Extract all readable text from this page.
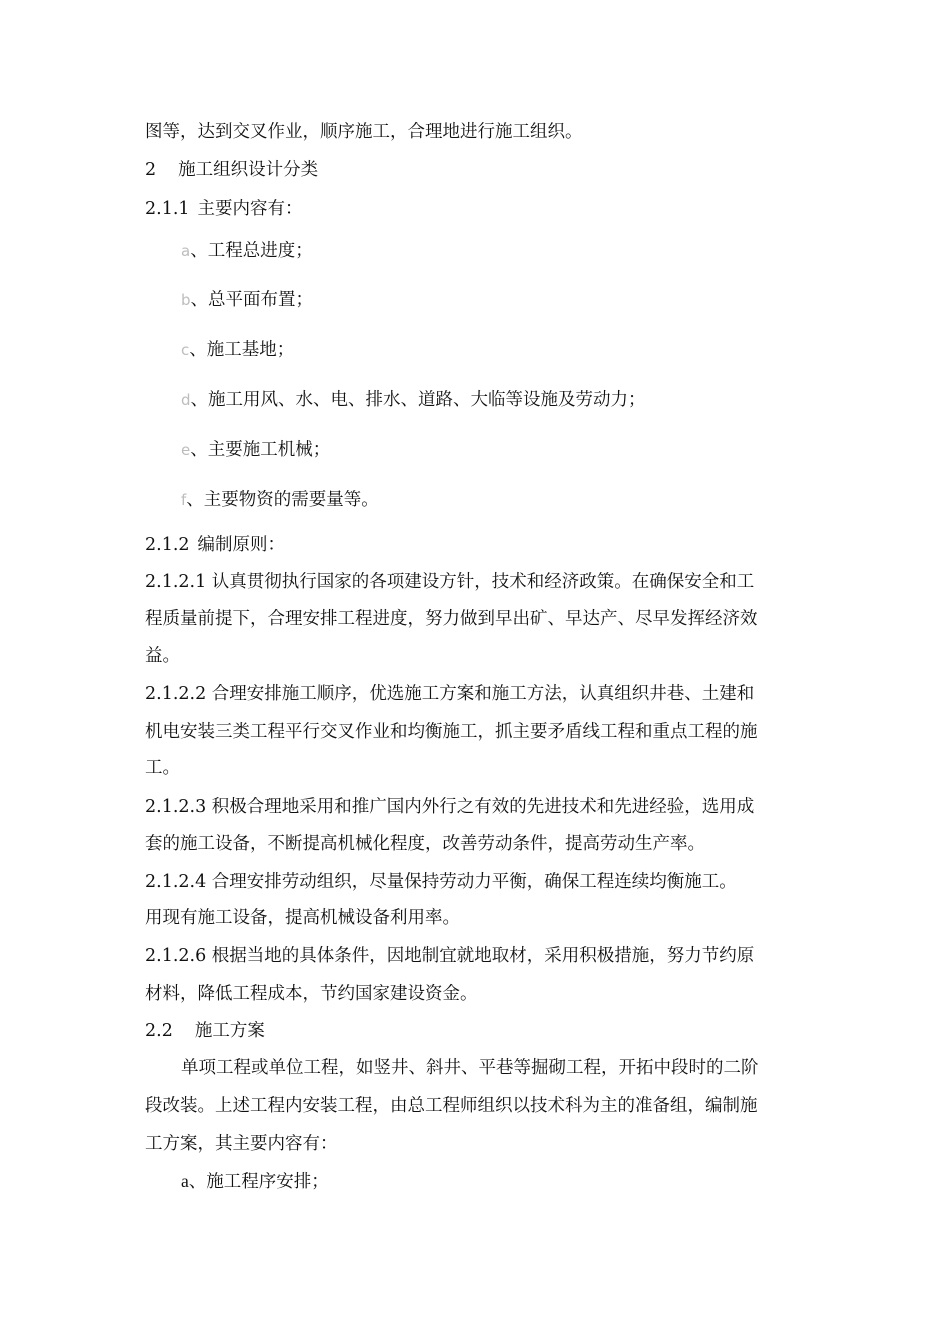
图等，达到交叉作业，顺序施工，合理地进行施工组织。

2 施工组织设计分类

2.1.1 主要内容有：

a、工程总进度；

b、总平面布置；

c、施工基地；

d、施工用风、水、电、排水、道路、大临等设施及劳动力；

e、主要施工机械；

f、主要物资的需要量等。

2.1.2 编制原则：

2.1.2.1 认真贯彻执行国家的各项建设方针，技术和经济政策。在确保安全和工

程质量前提下，合理安排工程进度，努力做到早出矿、早达产、尽早发挥经济效

益。

2.1.2.2 合理安排施工顺序，优选施工方案和施工方法，认真组织井巷、土建和

机电安装三类工程平行交叉作业和均衡施工，抓主要矛盾线工程和重点工程的施

工。

2.1.2.3 积极合理地采用和推广国内外行之有效的先进技术和先进经验，选用成

套的施工设备，不断提高机械化程度，改善劳动条件，提高劳动生产率。

2.1.2.4 合理安排劳动组织，尽量保持劳动力平衡，确保工程连续均衡施工。

用现有施工设备，提高机械设备利用率。

2.1.2.6 根据当地的具体条件，因地制宜就地取材，采用积极措施，努力节约原

材料，降低工程成本，节约国家建设资金。

2.2 施工方案

单项工程或单位工程，如竖井、斜井、平巷等掘砌工程，开拓中段时的二阶

段改装。上述工程内安装工程，由总工程师组织以技术科为主的准备组，编制施

工方案，其主要内容有：

a、施工程序安排；
